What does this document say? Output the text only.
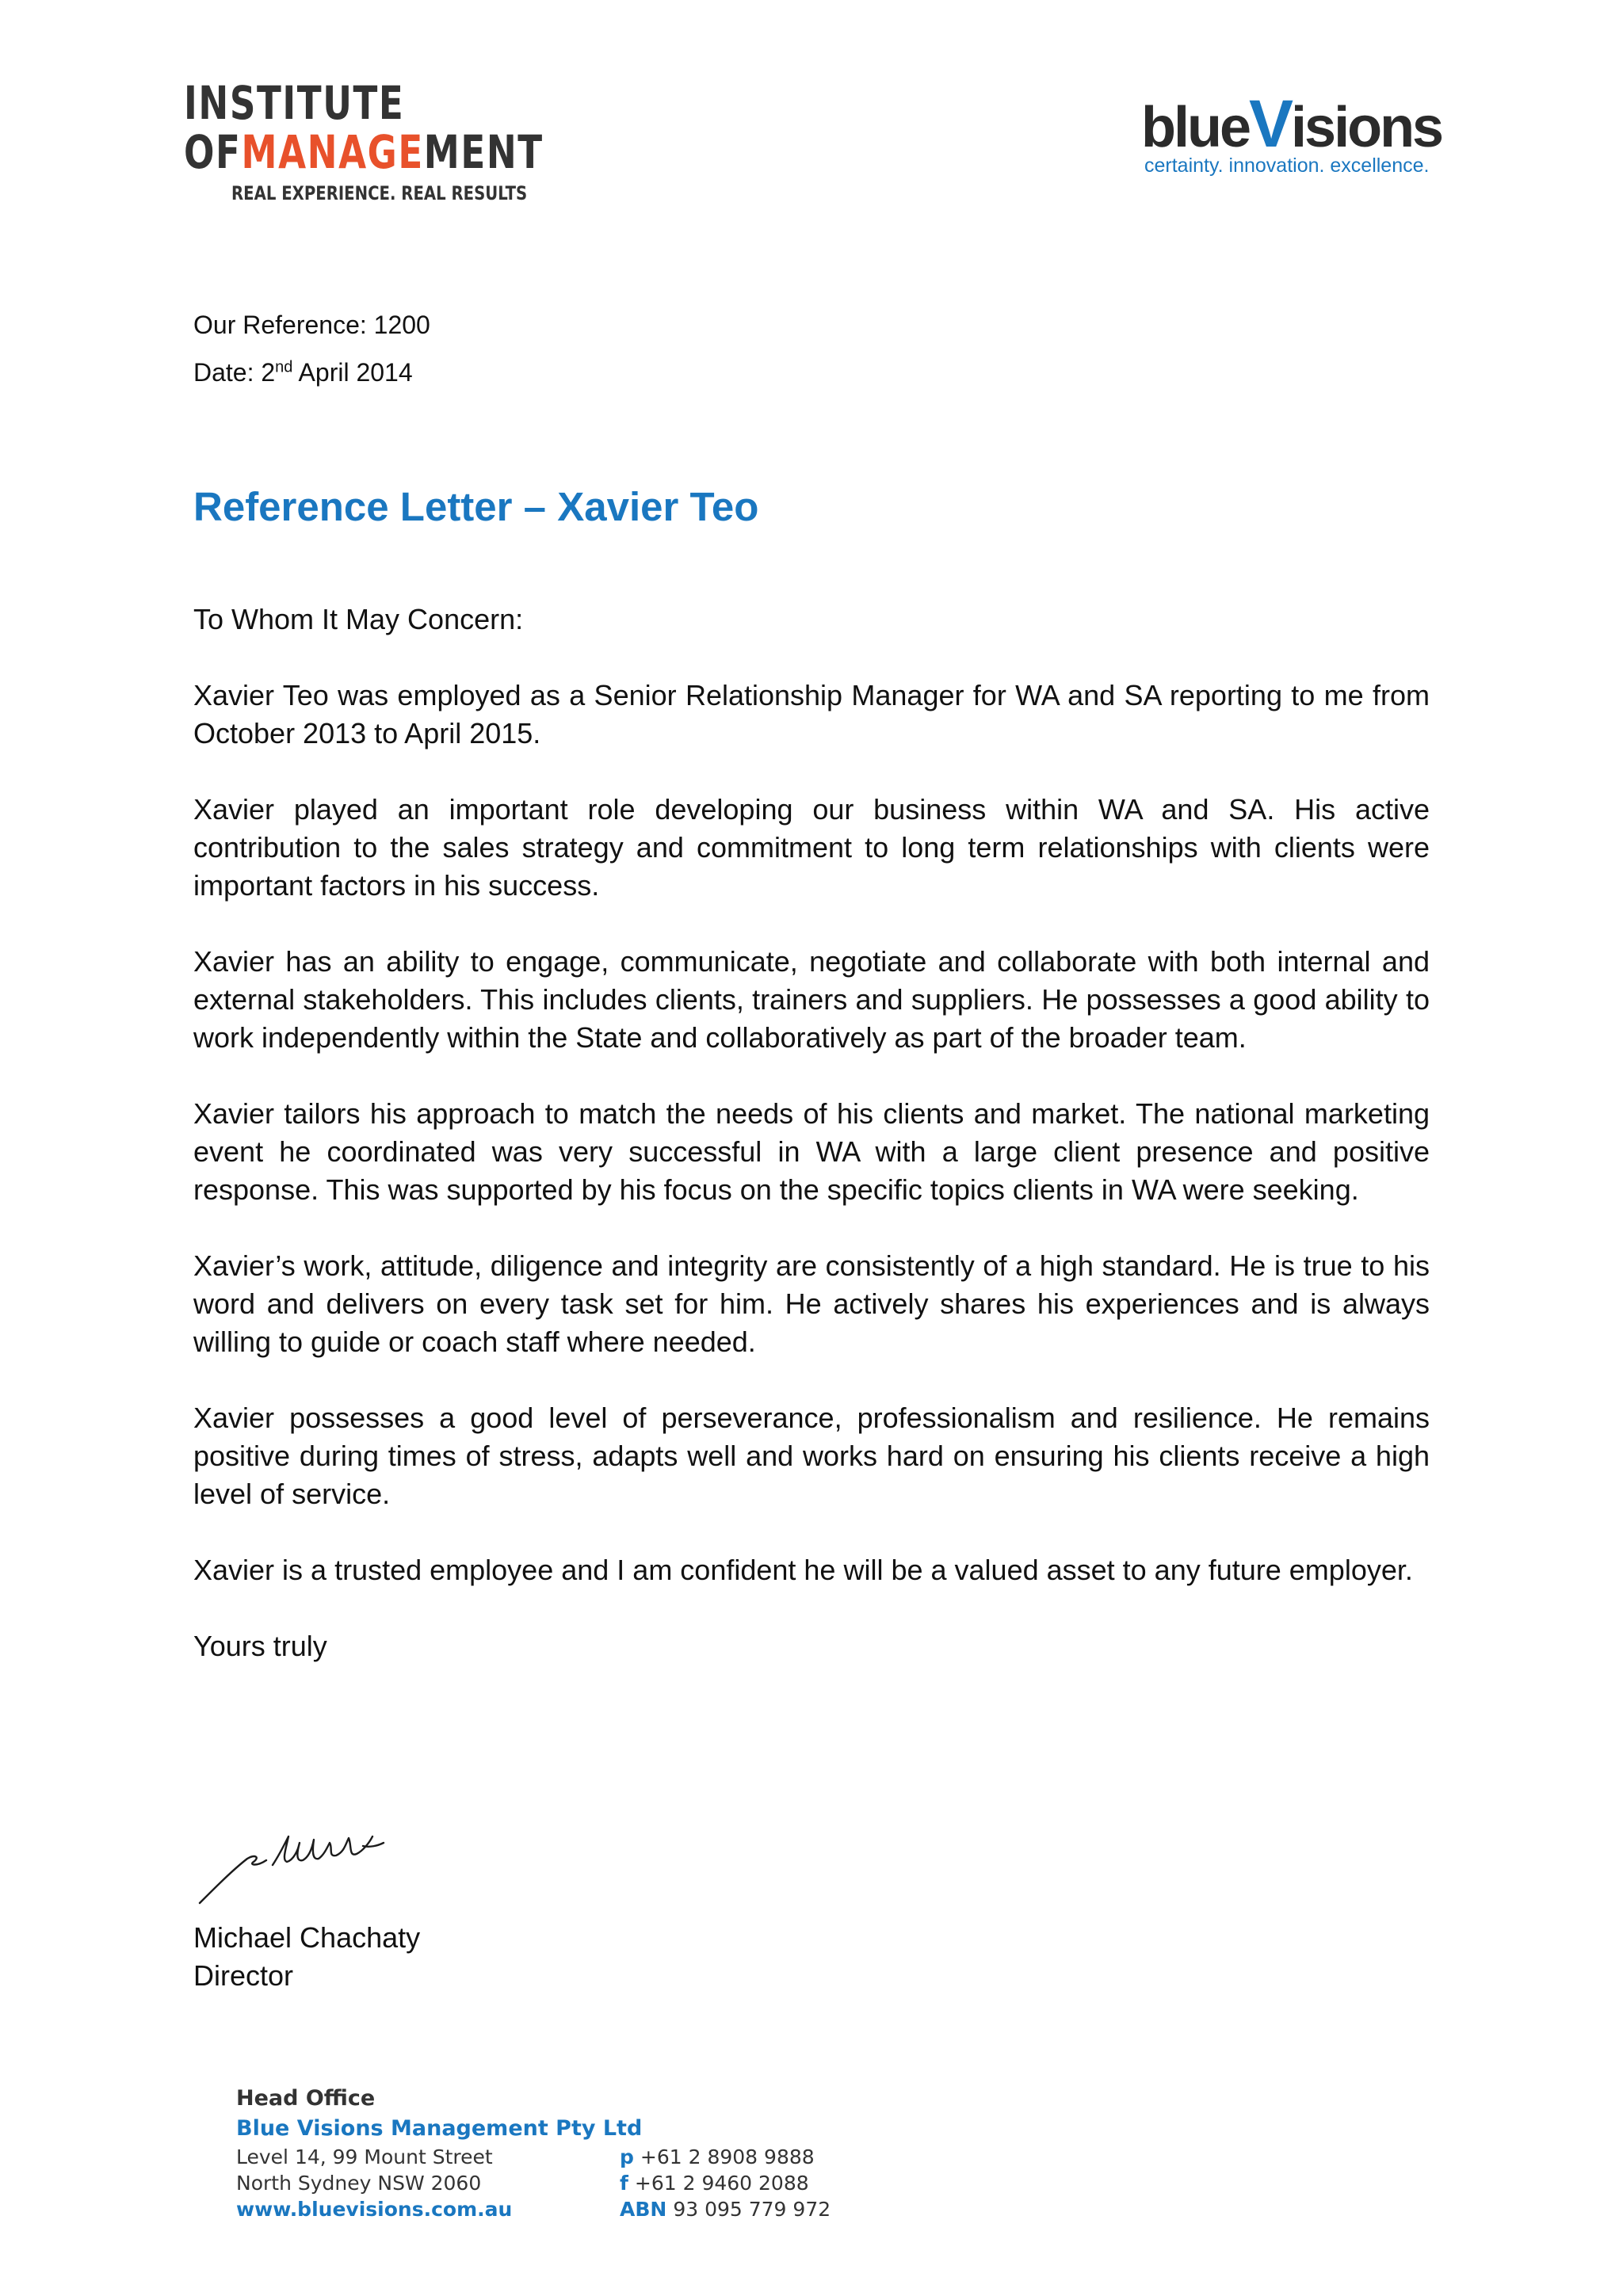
INSTITUTE
OFMANAGEMENT
REAL EXPERIENCE. REAL RESULTS
blueVisions
certainty. innovation. excellence.
Our Reference: 1200
Date: 2nd April 2014
Reference Letter – Xavier Teo

To Whom It May Concern:

Xavier Teo was employed as a Senior Relationship Manager for WA and SA reporting to me from October 2013 to April 2015.

Xavier played an important role developing our business within WA and SA. His active contribution to the sales strategy and commitment to long term relationships with clients were important factors in his success.

Xavier has an ability to engage, communicate, negotiate and collaborate with both internal and external stakeholders. This includes clients, trainers and suppliers. He possesses a good ability to work independently within the State and collaboratively as part of the broader team.

Xavier tailors his approach to match the needs of his clients and market. The national marketing event he coordinated was very successful in WA with a large client presence and positive response. This was supported by his focus on the specific topics clients in WA were seeking.

Xavier’s work, attitude, diligence and integrity are consistently of a high standard. He is true to his word and delivers on every task set for him. He actively shares his experiences and is always willing to guide or coach staff where needed.

Xavier possesses a good level of perseverance, professionalism and resilience. He remains positive during times of stress, adapts well and works hard on ensuring his clients receive a high level of service.

Xavier is a trusted employee and I am confident he will be a valued asset to any future employer.

Yours truly

Michael Chachaty
Director
Head Office
Blue Visions Management Pty Ltd
Level 14, 99 Mount Street	p +61 2 8908 9888
North Sydney NSW 2060	f +61 2 9460 2088
www.bluevisions.com.au	ABN 93 095 779 972
